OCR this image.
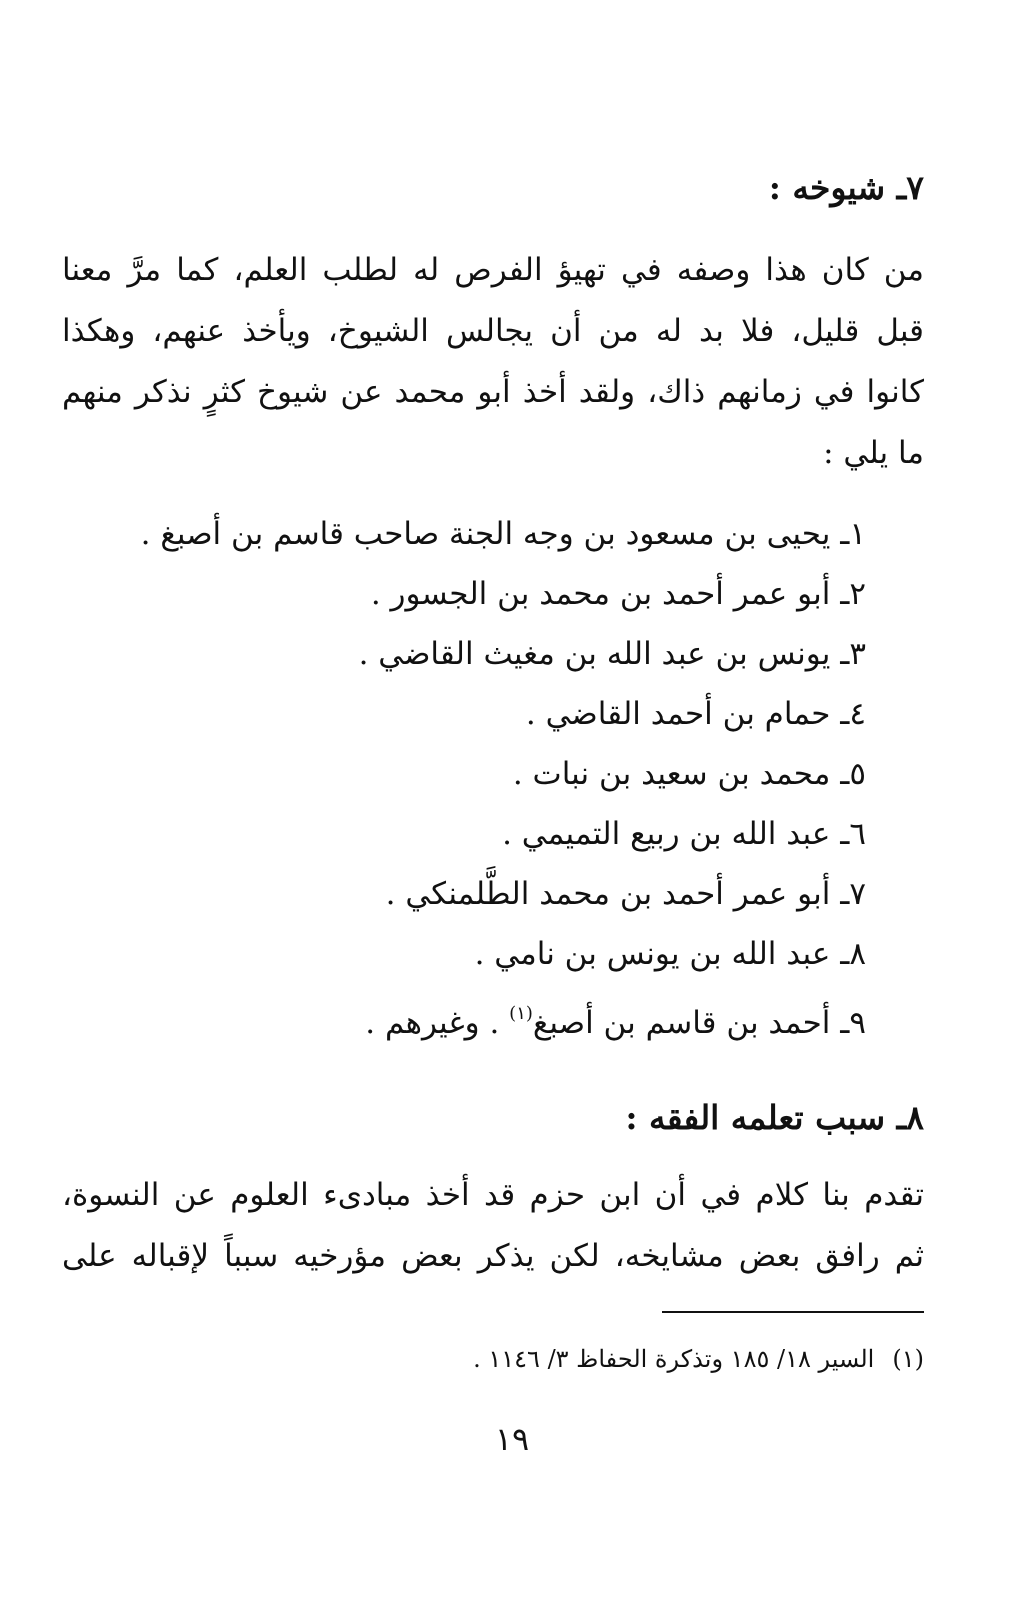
٧ـ شيوخه :
من كان هذا وصفه في تهيؤ الفرص له لطلب العلم، كما مرَّ معنا
قبل قليل، فلا بد له من أن يجالس الشيوخ، ويأخذ عنهم، وهكذا
كانوا في زمانهم ذاك، ولقد أخذ أبو محمد عن شيوخ كثرٍ نذكر منهم
ما يلي :
١ـ يحيى بن مسعود بن وجه الجنة صاحب قاسم بن أصبغ .
٢ـ أبو عمر أحمد بن محمد بن الجسور .
٣ـ يونس بن عبد الله بن مغيث القاضي .
٤ـ حمام بن أحمد القاضي .
٥ـ محمد بن سعيد بن نبات .
٦ـ عبد الله بن ربيع التميمي .
٧ـ أبو عمر أحمد بن محمد الطَّلمنكي .
٨ـ عبد الله بن يونس بن نامي .
٩ـ أحمد بن قاسم بن أصبغ$^{(١)}$ . وغيرهم .
٨ـ سبب تعلمه الفقه :
تقدم بنا كلام في أن ابن حزم قد أخذ مبادىء العلوم عن النسوة،
ثم رافق بعض مشايخه، لكن يذكر بعض مؤرخيه سبباً لإقباله على
(١)السير ١٨/ ١٨٥ وتذكرة الحفاظ ٣/ ١١٤٦ .
١٩
